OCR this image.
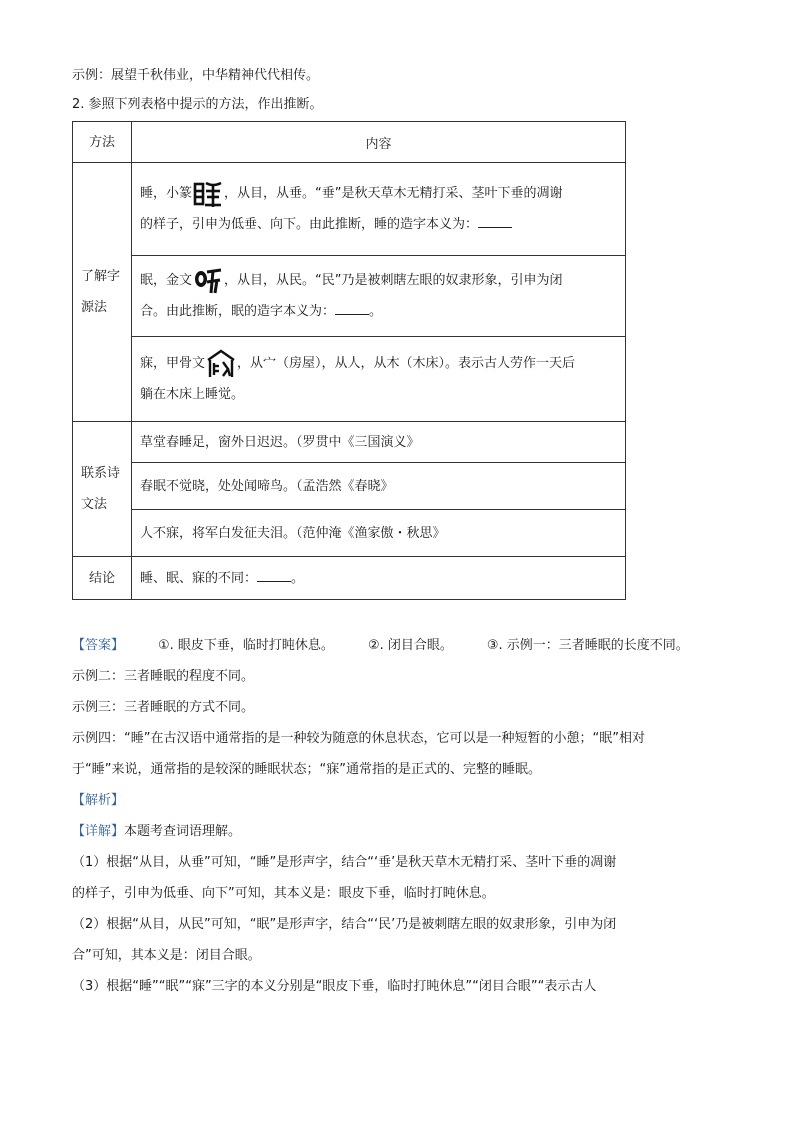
示例：展望千秋伟业，中华精神代代相传。
2. 参照下列表格中提示的方法，作出推断。
方法	内容

了解字源法	睡，小篆 ，从目，从垂。“垂”是秋天草木无精打采、茎叶下垂的凋谢
的样子，引申为低垂、向下。由此推断，睡的造字本义为：

	眠，金文 ，从目，从民。“民”乃是被刺瞎左眼的奴隶形象，引申为闭
合。由此推断，眠的造字本义为： 。

	寐，甲骨文 ，从宀（房屋），从人，从木（木床）。表示古人劳作一天后
躺在木床上睡觉。

联系诗文法	草堂春睡足，窗外日迟迟。（罗贯中《三国演义》

	春眠不觉晓，处处闻啼鸟。（孟浩然《春晓》

	人不寐，将军白发征夫泪。（范仲淹《渔家傲・秋思》

结论	睡、眠、寐的不同： 。
【答案】	①. 眼皮下垂，临时打盹休息。	②. 闭目合眼。	③. 示例一：三者睡眠的长度不同。
示例二：三者睡眠的程度不同。
示例三：三者睡眠的方式不同。
示例四：“睡”在古汉语中通常指的是一种较为随意的休息状态，它可以是一种短暂的小憩；“眠”相对
于“睡”来说，通常指的是较深的睡眠状态；“寐”通常指的是正式的、完整的睡眠。
【解析】
【详解】本题考查词语理解。
（1）根据“从目，从垂”可知，“睡”是形声字，结合“‘垂’是秋天草木无精打采、茎叶下垂的凋谢
的样子，引申为低垂、向下”可知，其本义是：眼皮下垂，临时打盹休息。
（2）根据“从目，从民”可知，“眠”是形声字，结合“‘民’乃是被刺瞎左眼的奴隶形象，引申为闭
合”可知，其本义是：闭目合眼。
（3）根据“睡”“眠”“寐”三字的本义分别是“眼皮下垂，临时打盹休息”“闭目合眼”“表示古人
